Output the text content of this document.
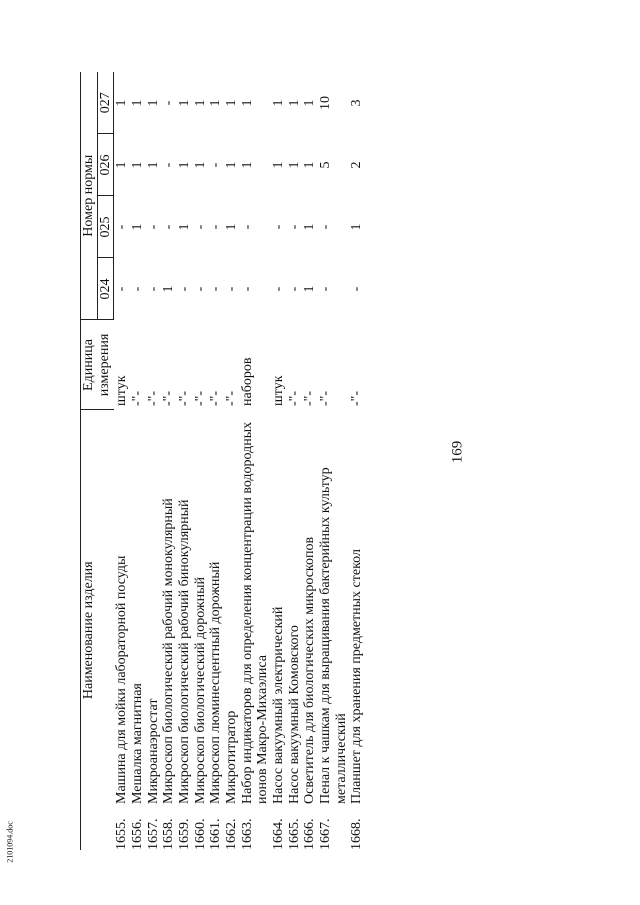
169
2101094.doc
Наименование изделия		Единица
измерения	Номер нормы			
			024	025	026	027
1655.	Машина для мойки лабораторной посуды	штук	-	-	1	1
1656.	Мешалка магнитная	-"-	-	1	1	1
1657.	Микроанаэростат	-"-	-	-	1	1
1658.	Микроскоп биологический рабочий монокулярный	-"-	1	-	-	-
1659.	Микроскоп биологический рабочий бинокулярный	-"-	-	1	1	1
1660.	Микроскоп биологический дорожный	-"-	-	-	1	1
1661.	Микроскоп люминесцентный дорожный	-"-	-	-	-	1
1662.	Микротитратор	-"-	-	1	1	1
1663.	Набор индикаторов для определения концентрации водородных ионов Макро-Михаэлиса	наборов	-	-	1	1
1664.	Насос вакуумный электрический	штук	-	-	1	1
1665.	Насос вакуумный Комовского	-"-	-	-	1	1
1666.	Осветитель для биологических микроскопов	-"-	1	1	1	1
1667.	Пенал к чашкам для выращивания бактерийных культур металлический	-"-	-	-	5	10
1668.	Планшет для хранения предметных стекол	-"-	-	1	2	3
